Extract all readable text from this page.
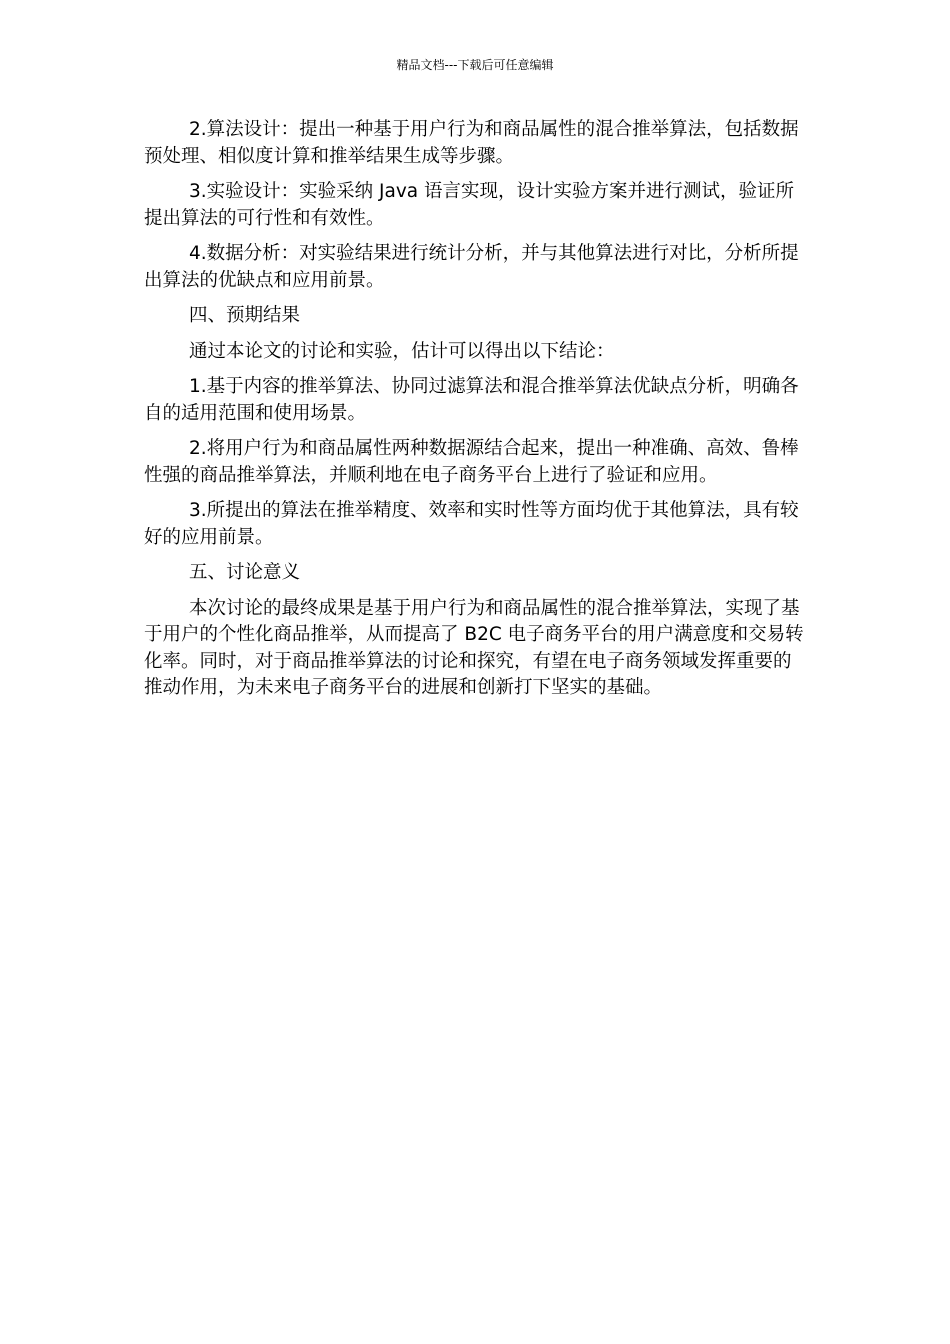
精品文档---下载后可任意编辑

2.算法设计：提出一种基于用户行为和商品属性的混合推举算法，包括数据预处理、相似度计算和推举结果生成等步骤。

3.实验设计：实验采纳 Java 语言实现，设计实验方案并进行测试，验证所提出算法的可行性和有效性。

4.数据分析：对实验结果进行统计分析，并与其他算法进行对比，分析所提出算法的优缺点和应用前景。

四、预期结果

通过本论文的讨论和实验，估计可以得出以下结论：

1.基于内容的推举算法、协同过滤算法和混合推举算法优缺点分析，明确各自的适用范围和使用场景。

2.将用户行为和商品属性两种数据源结合起来，提出一种准确、高效、鲁棒性强的商品推举算法，并顺利地在电子商务平台上进行了验证和应用。

3.所提出的算法在推举精度、效率和实时性等方面均优于其他算法，具有较好的应用前景。

五、讨论意义

本次讨论的最终成果是基于用户行为和商品属性的混合推举算法，实现了基于用户的个性化商品推举，从而提高了 B2C 电子商务平台的用户满意度和交易转化率。同时，对于商品推举算法的讨论和探究，有望在电子商务领域发挥重要的推动作用，为未来电子商务平台的进展和创新打下坚实的基础。
